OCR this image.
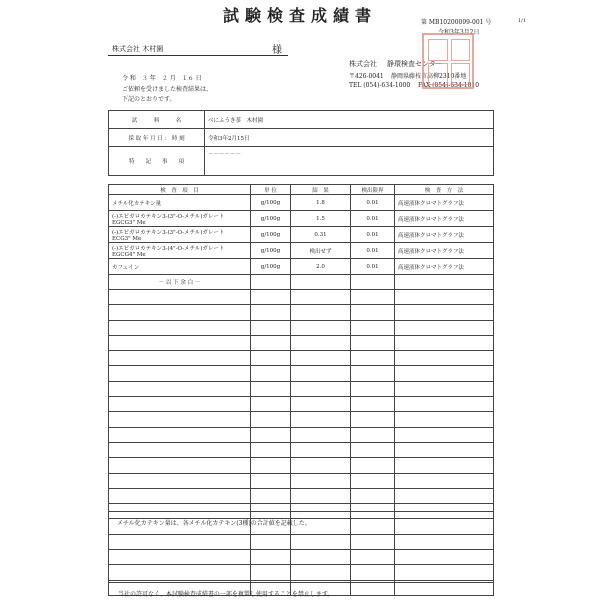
試験検査成績書	第 MB10200099-001 号	1/1
令和3年3月2日
株式会社 木村園	様
株式会社 静環検査センター
〒426-0041 静岡県藤枝市高柳2310番地
TEL (054)-634-1000 FAX (054)-634-1010
令 和　３ 年　２ 月　１６ 日
ご依頼を受けました検査結果は、
下記のとおりです。
試　　　料　　　名	べにふうき茶　木村園
採 取 年 月 日 ： 時 刻	令和3年2月15日
特　　記　　事　　項	－－－－－－
検　査　項　目	単 位	結　果	検出限界	検　査　方　法

メチル化カテキン量	g/100g	1.8	0.01	高速液体クロマトグラフ法

(-)エピガロカテキン3-(3"-O-メチル)ガレート
EGCG3" Me	g/100g	1.5	0.01	高速液体クロマトグラフ法

(-)エピガロカテキン3-(3"-O-メチル)ガレート
ECG3" Me	g/100g	0.31	0.01	高速液体クロマトグラフ法

(-)エピガロカテキン3-(4"-O-メチル)ガレート
EGCG4" Me	g/100g	検出せず	0.01	高速液体クロマトグラフ法

カフェイン	g/100g	2.0	0.01	高速液体クロマトグラフ法
－ 以 下 余 白 －				

メチル化カテキン量は、各メチル化カテキン(3種)の合計値を記載した。
当社の許可なく、本試験検査成績書の一部を複製し使用することを禁止します。
